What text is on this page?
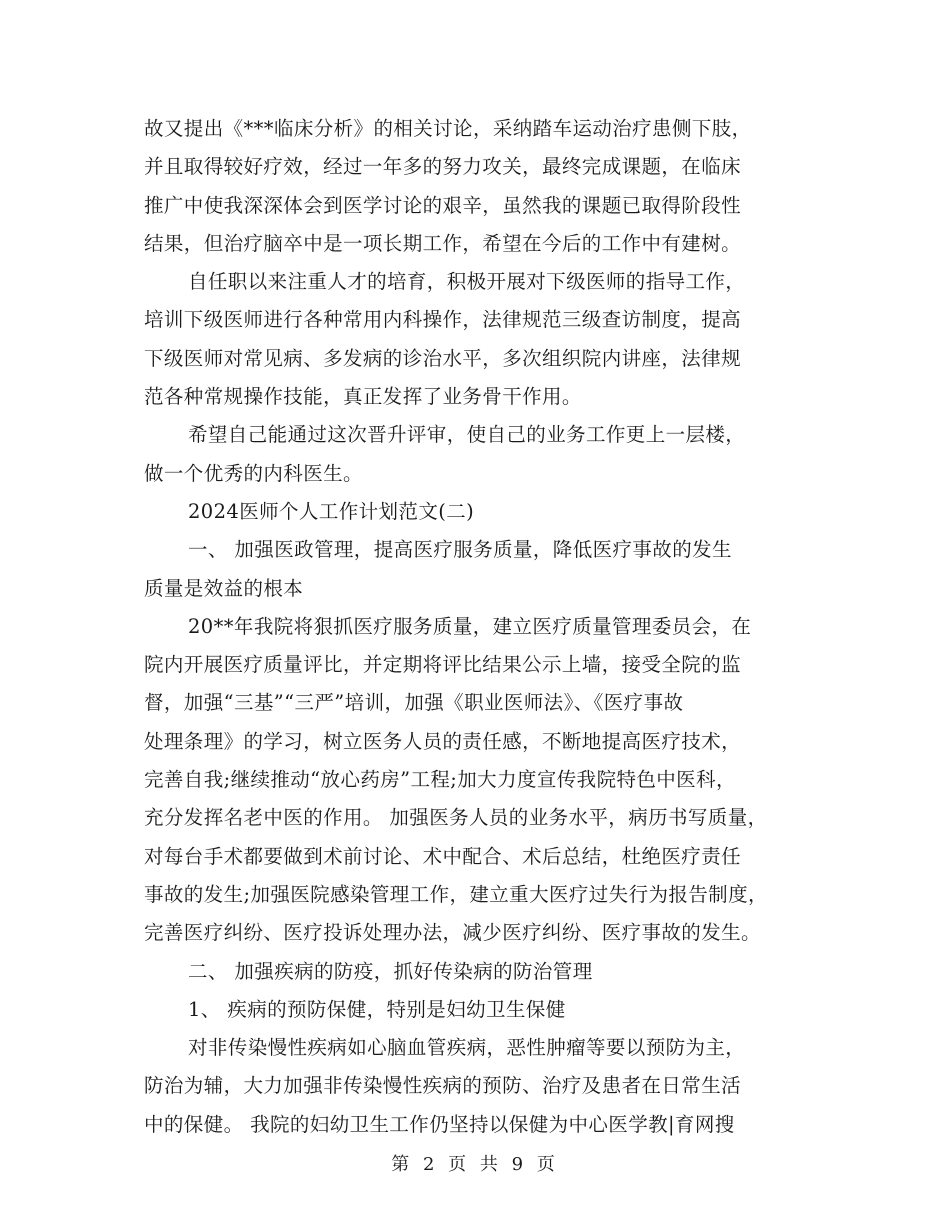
故又提出《***临床分析》的相关讨论，采纳踏车运动治疗患侧下肢，
并且取得较好疗效，经过一年多的努力攻关，最终完成课题，在临床
推广中使我深深体会到医学讨论的艰辛，虽然我的课题已取得阶段性
结果，但治疗脑卒中是一项长期工作，希望在今后的工作中有建树。
自任职以来注重人才的培育，积极开展对下级医师的指导工作，
培训下级医师进行各种常用内科操作，法律规范三级查访制度，提高
下级医师对常见病、多发病的诊治水平，多次组织院内讲座，法律规
范各种常规操作技能，真正发挥了业务骨干作用。
希望自己能通过这次晋升评审，使自己的业务工作更上一层楼，
做一个优秀的内科医生。
2024医师个人工作计划范文(二)
一、 加强医政管理，提高医疗服务质量，降低医疗事故的发生
质量是效益的根本
20**年我院将狠抓医疗服务质量，建立医疗质量管理委员会，在
院内开展医疗质量评比，并定期将评比结果公示上墙，接受全院的监
督，加强“三基”“三严”培训，加强《职业医师法》、《医疗事故
处理条理》的学习，树立医务人员的责任感，不断地提高医疗技术，
完善自我;继续推动“放心药房”工程;加大力度宣传我院特色中医科，
充分发挥名老中医的作用。 加强医务人员的业务水平，病历书写质量，
对每台手术都要做到术前讨论、术中配合、术后总结，杜绝医疗责任
事故的发生;加强医院感染管理工作，建立重大医疗过失行为报告制度，
完善医疗纠纷、医疗投诉处理办法，减少医疗纠纷、医疗事故的发生。
二、 加强疾病的防疫，抓好传染病的防治管理
1、 疾病的预防保健，特别是妇幼卫生保健
对非传染慢性疾病如心脑血管疾病，恶性肿瘤等要以预防为主，
防治为辅，大力加强非传染慢性疾病的预防、治疗及患者在日常生活
中的保健。 我院的妇幼卫生工作仍坚持以保健为中心医学教|育网搜
第 2 页 共 9 页
